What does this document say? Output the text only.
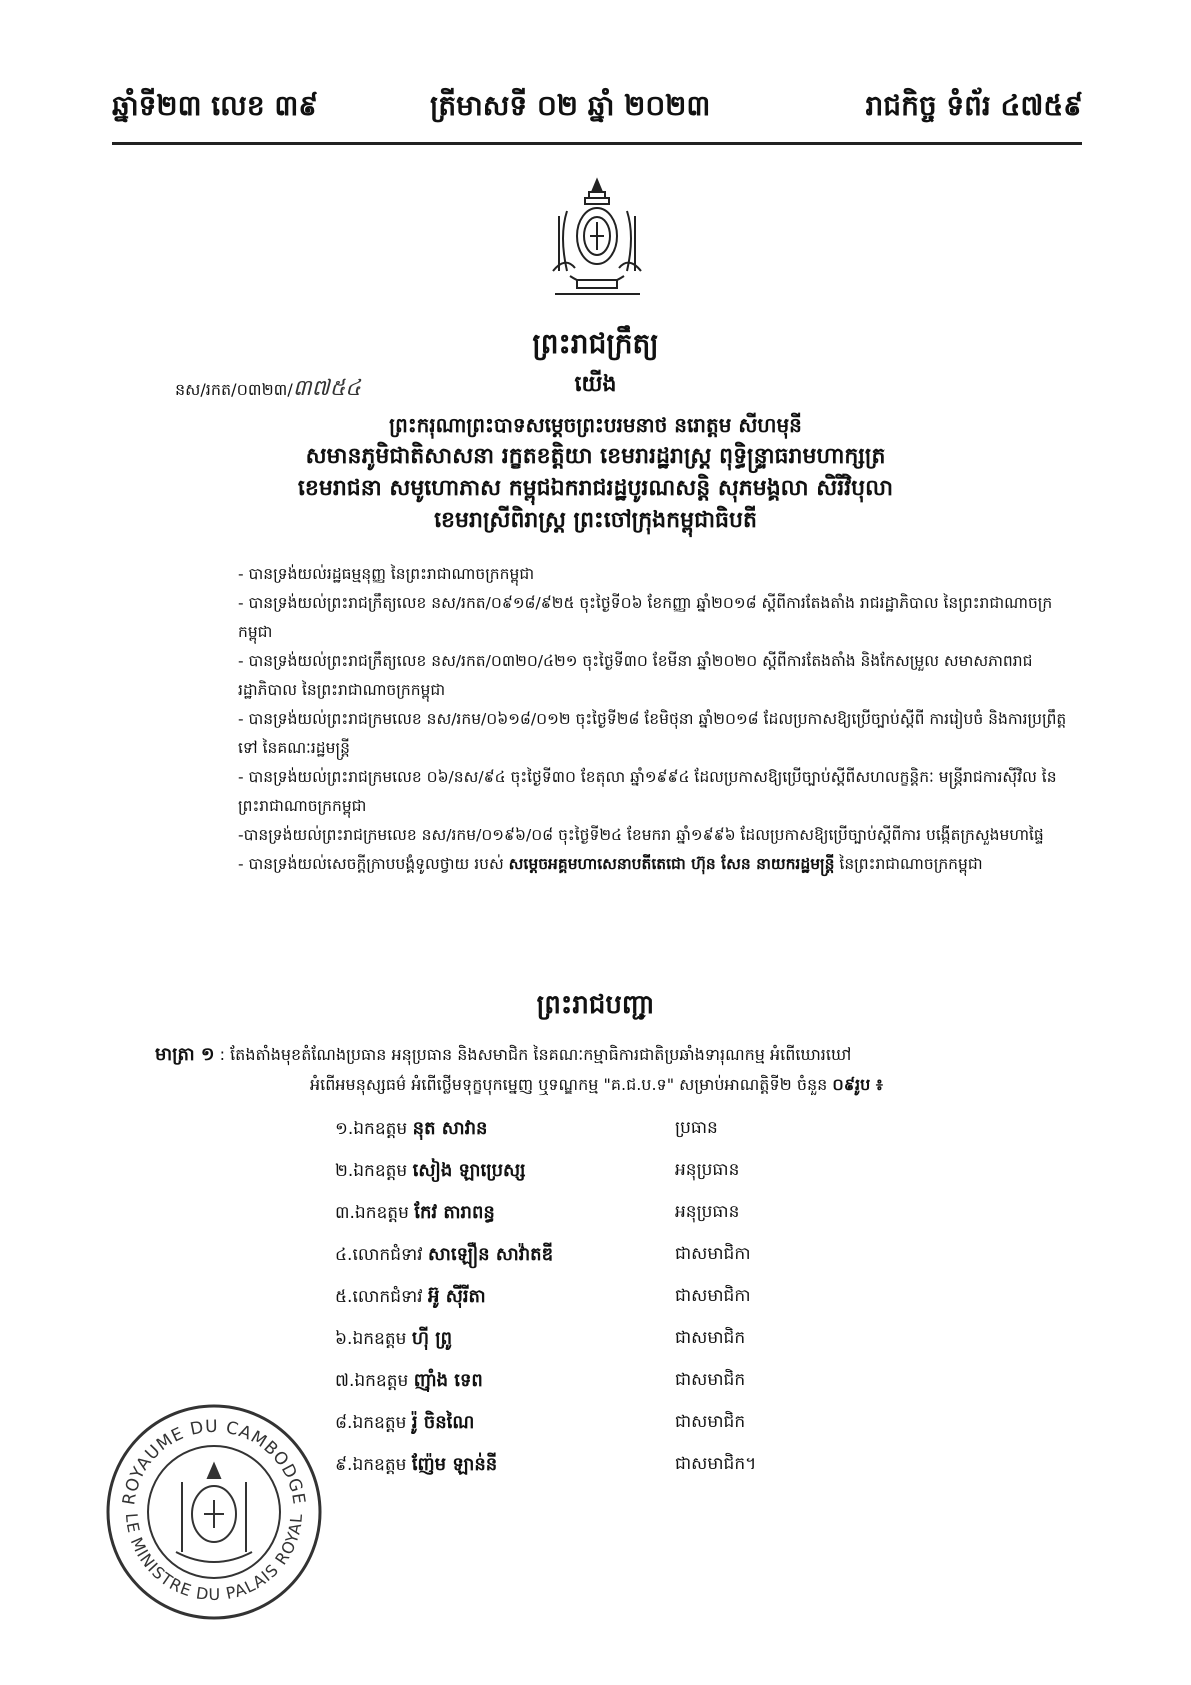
ឆ្នាំទី២៣ លេខ ៣៩	ត្រីមាសទី ០២ ឆ្នាំ ២០២៣	រាជកិច្ច ទំព័រ ៤៧៥៩
ព្រះរាជក្រឹត្យ
នស/រកត/០៣២៣/៣៧៥៤	យើង
ព្រះករុណាព្រះបាទសម្តេចព្រះបរមនាថ នរោត្តម សីហមុនី
សមានភូមិជាតិសាសនា រក្ខតខត្តិយា ខេមរារដ្ឋរាស្ត្រ ពុទ្ធិន្ទ្រាធរាមហាក្សត្រ
ខេមរាជនា សមូហោភាស កម្ពុជឯករាជរដ្ឋបូរណសន្តិ សុភមង្គលា សិរីវិបុលា
ខេមរាស្រីពិរាស្ត្រ ព្រះចៅក្រុងកម្ពុជាធិបតី
- បានទ្រង់យល់រដ្ឋធម្មនុញ្ញ នៃព្រះរាជាណាចក្រកម្ពុជា
- បានទ្រង់យល់ព្រះរាជក្រឹត្យលេខ នស/រកត/០៩១៨/៩២៥ ចុះថ្ងៃទី០៦ ខែកញ្ញា ឆ្នាំ២០១៨ ស្តីពីការតែងតាំង រាជរដ្ឋាភិបាល នៃព្រះរាជាណាចក្រកម្ពុជា
- បានទ្រង់យល់ព្រះរាជក្រឹត្យលេខ នស/រកត/០៣២០/៤២១ ចុះថ្ងៃទី៣០ ខែមីនា ឆ្នាំ២០២០ ស្តីពីការតែងតាំង និងកែសម្រួល សមាសភាពរាជរដ្ឋាភិបាល នៃព្រះរាជាណាចក្រកម្ពុជា
- បានទ្រង់យល់ព្រះរាជក្រមលេខ នស/រកម/០៦១៨/០១២ ចុះថ្ងៃទី២៨ ខែមិថុនា ឆ្នាំ២០១៨ ដែលប្រកាសឱ្យប្រើច្បាប់ស្តីពី ការរៀបចំ និងការប្រព្រឹត្តទៅ នៃគណៈរដ្ឋមន្ត្រី
- បានទ្រង់យល់ព្រះរាជក្រមលេខ ០៦/នស/៩៤ ចុះថ្ងៃទី៣០ ខែតុលា ឆ្នាំ១៩៩៤ ដែលប្រកាសឱ្យប្រើច្បាប់ស្តីពីសហលក្ខន្តិកៈ មន្ត្រីរាជការស៊ីវិល នៃព្រះរាជាណាចក្រកម្ពុជា
-បានទ្រង់យល់ព្រះរាជក្រមលេខ នស/រកម/០១៩៦/០៨ ចុះថ្ងៃទី២៤ ខែមករា ឆ្នាំ១៩៩៦ ដែលប្រកាសឱ្យប្រើច្បាប់ស្តីពីការ បង្កើតក្រសួងមហាផ្ទៃ
- បានទ្រង់យល់សេចក្តីក្រាបបង្គំទូលថ្វាយ របស់ សម្តេចអគ្គមហាសេនាបតីតេជោ ហ៊ុន សែន នាយករដ្ឋមន្ត្រី នៃព្រះរាជាណាចក្រកម្ពុជា
ព្រះរាជបញ្ជា
មាត្រា ១ : តែងតាំងមុខតំណែងប្រធាន អនុប្រធាន និងសមាជិក នៃគណៈកម្មាធិការជាតិប្រឆាំងទារុណកម្ម អំពើឃោរឃៅ
អំពើអមនុស្សធម៌ អំពើថ្លើមទុក្ខបុកម្នេញ ឬទណ្ឌកម្ម "គ.ជ.ប.ទ" សម្រាប់អាណត្តិទី២ ចំនួន ០៩រូប ៖
១.ឯកឧត្តម នុត សាវាន	ប្រធាន
២.ឯកឧត្តម សៀង ឡាប្រេស្ស	អនុប្រធាន
៣.ឯកឧត្តម កែវ តារាពន្ធ	អនុប្រធាន
៤.លោកជំទាវ សាឡឿន សាវ៉ាតឌី	ជាសមាជិកា
៥.លោកជំទាវ អ៊ូ ស៊ីរីតា	ជាសមាជិកា
៦.ឯកឧត្តម ហ៊ី ព្រូ	ជាសមាជិក
៧.ឯកឧត្តម ញ៉ាំង ទេព	ជាសមាជិក
៨.ឯកឧត្តម រ៉ូ ចិនណៃ	ជាសមាជិក
៩.ឯកឧត្តម ញ៉ែម ឡាន់នី	ជាសមាជិក។
ROYAUME DU CAMBODGE
LE MINISTRE DU PALAIS ROYAL
